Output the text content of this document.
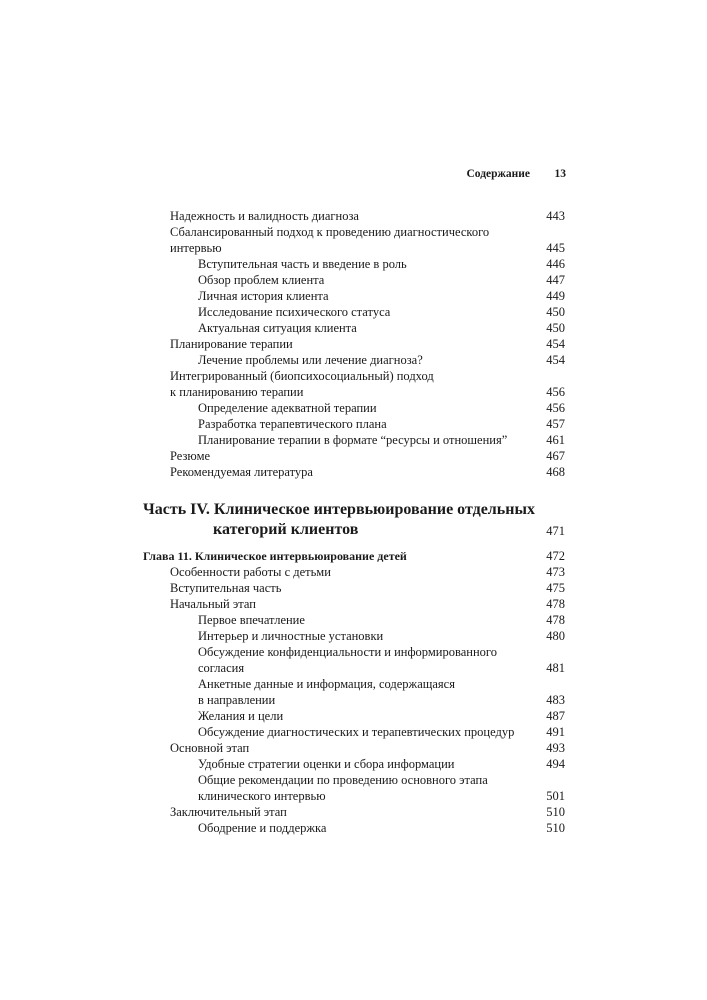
Содержание 13
Надежность и валидность диагноза	443
Сбалансированный подход к проведению диагностического
интервью	445
Вступительная часть и введение в роль	446
Обзор проблем клиента	447
Личная история клиента	449
Исследование психического статуса	450
Актуальная ситуация клиента	450
Планирование терапии	454
Лечение проблемы или лечение диагноза?	454
Интегрированный (биопсихосоциальный) подход
к планированию терапии	456
Определение адекватной терапии	456
Разработка терапевтического плана	457
Планирование терапии в формате “ресурсы и отношения”	461
Резюме	467
Рекомендуемая литература	468
Часть IV. Клиническое интервьюирование отдельных
категорий клиентов	471
Глава 11. Клиническое интервьюирование детей	472
Особенности работы с детьми	473
Вступительная часть	475
Начальный этап	478
Первое впечатление	478
Интерьер и личностные установки	480
Обсуждение конфиденциальности и информированного
согласия	481
Анкетные данные и информация, содержащаяся
в направлении	483
Желания и цели	487
Обсуждение диагностических и терапевтических процедур	491
Основной этап	493
Удобные стратегии оценки и сбора информации	494
Общие рекомендации по проведению основного этапа
клинического интервью	501
Заключительный этап	510
Ободрение и поддержка	510
